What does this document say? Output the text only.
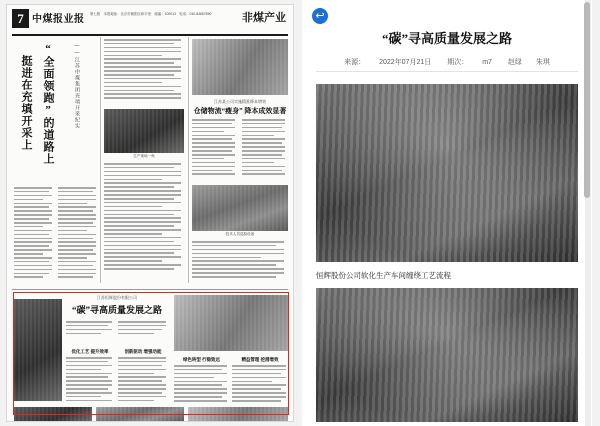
7 中煤报业报 第七版　本报地址：北京市朝阳区和平里　邮编：100013　电话：010-84657890	非煤产业
——江苏中煤集团充填开采纪实
“全面领跑”的道路上
挺进在充填开采上
生产现场一角
江苏某公司实施精准降本增效
仓储物流“瘦身” 降本成效显著
技术人员巡检设备
江苏恒辉股份有限公司
“碳”寻高质量发展之路
优化工艺 提升效率	创新驱动 增强动能
绿色转型 行稳致远	精益管理 挖潜增效
↩
“碳”寻高质量发展之路
来源： 2022年07月21日 期次： m7 赵绿 朱琪
恒辉股份公司软化生产车间缠绕工艺流程
